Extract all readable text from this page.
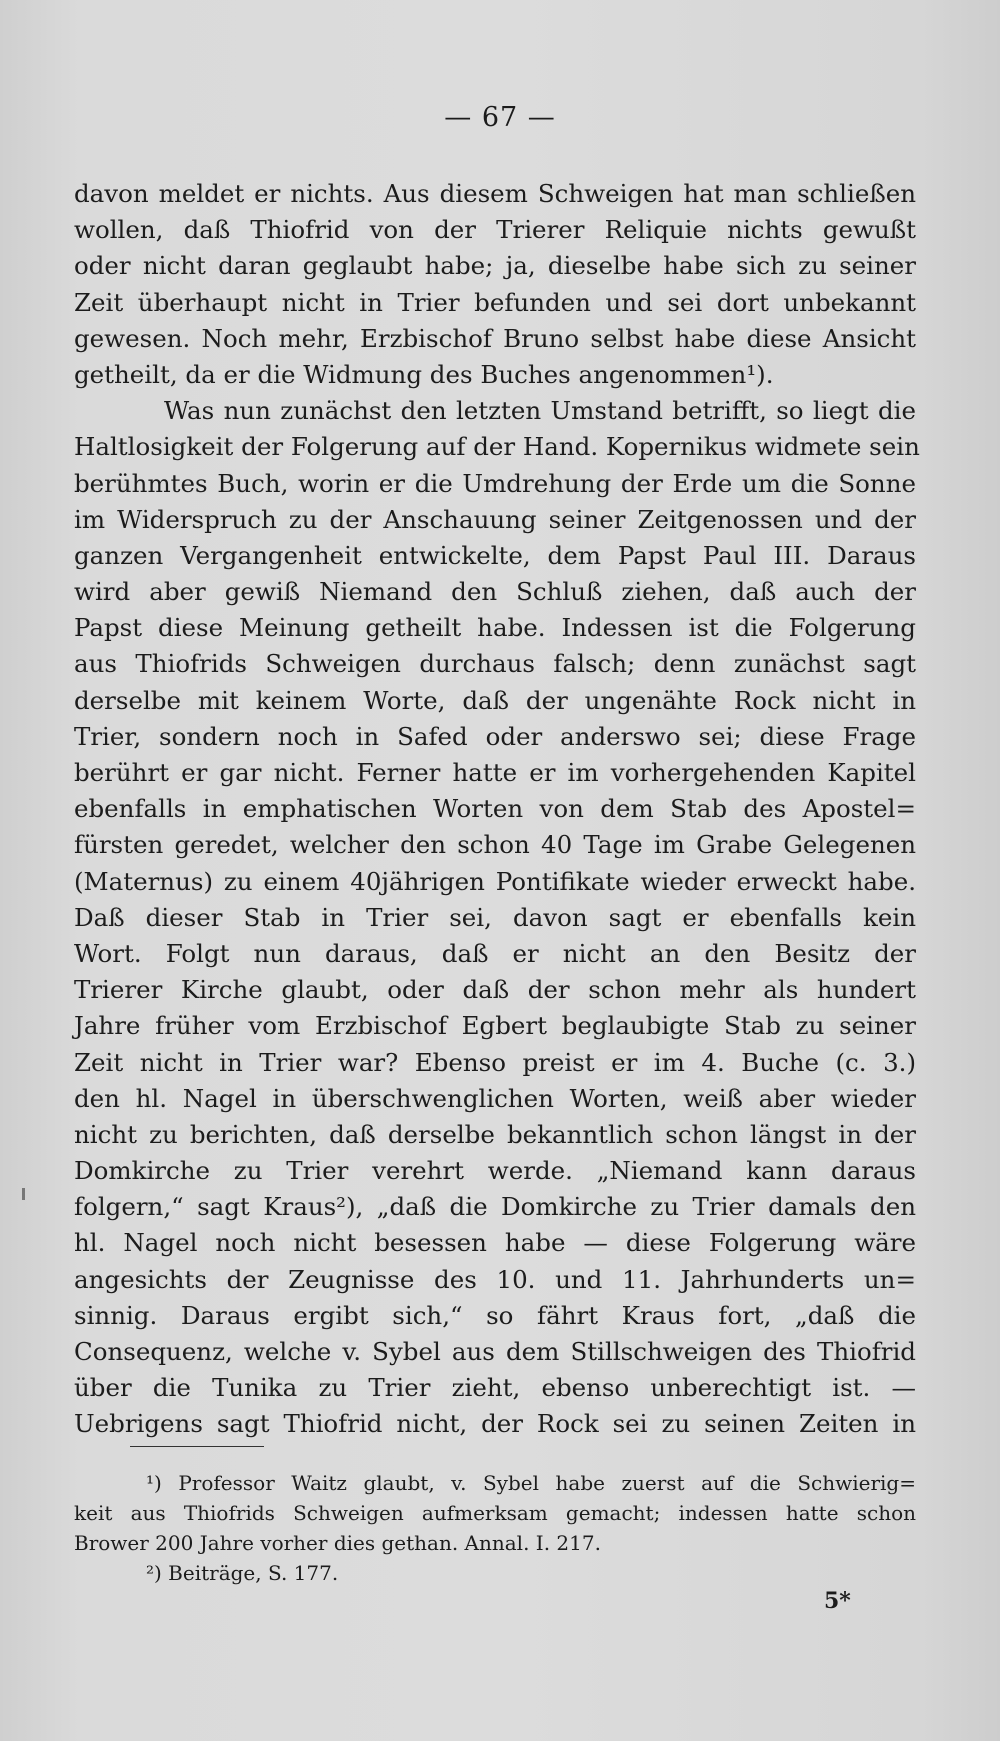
— 67 —
davon meldet er nichts. Aus diesem Schweigen hat man schließen
wollen, daß Thiofrid von der Trierer Reliquie nichts gewußt
oder nicht daran geglaubt habe; ja, dieselbe habe sich zu seiner
Zeit überhaupt nicht in Trier befunden und sei dort unbekannt
gewesen. Noch mehr, Erzbischof Bruno selbst habe diese Ansicht
getheilt, da er die Widmung des Buches angenommen¹).
Was nun zunächst den letzten Umstand betrifft, so liegt die
Haltlosigkeit der Folgerung auf der Hand. Kopernikus widmete sein
berühmtes Buch, worin er die Umdrehung der Erde um die Sonne
im Widerspruch zu der Anschauung seiner Zeitgenossen und der
ganzen Vergangenheit entwickelte, dem Papst Paul III. Daraus
wird aber gewiß Niemand den Schluß ziehen, daß auch der
Papst diese Meinung getheilt habe. Indessen ist die Folgerung
aus Thiofrids Schweigen durchaus falsch; denn zunächst sagt
derselbe mit keinem Worte, daß der ungenähte Rock nicht in
Trier, sondern noch in Safed oder anderswo sei; diese Frage
berührt er gar nicht. Ferner hatte er im vorhergehenden Kapitel
ebenfalls in emphatischen Worten von dem Stab des Apostel=
fürsten geredet, welcher den schon 40 Tage im Grabe Gelegenen
(Maternus) zu einem 40jährigen Pontifikate wieder erweckt habe.
Daß dieser Stab in Trier sei, davon sagt er ebenfalls kein
Wort. Folgt nun daraus, daß er nicht an den Besitz der
Trierer Kirche glaubt, oder daß der schon mehr als hundert
Jahre früher vom Erzbischof Egbert beglaubigte Stab zu seiner
Zeit nicht in Trier war? Ebenso preist er im 4. Buche (c. 3.)
den hl. Nagel in überschwenglichen Worten, weiß aber wieder
nicht zu berichten, daß derselbe bekanntlich schon längst in der
Domkirche zu Trier verehrt werde. „Niemand kann daraus
folgern,“ sagt Kraus²), „daß die Domkirche zu Trier damals den
hl. Nagel noch nicht besessen habe — diese Folgerung wäre
angesichts der Zeugnisse des 10. und 11. Jahrhunderts un=
sinnig. Daraus ergibt sich,“ so fährt Kraus fort, „daß die
Consequenz, welche v. Sybel aus dem Stillschweigen des Thiofrid
über die Tunika zu Trier zieht, ebenso unberechtigt ist. —
Uebrigens sagt Thiofrid nicht, der Rock sei zu seinen Zeiten in
¹) Professor Waitz glaubt, v. Sybel habe zuerst auf die Schwierig=
keit aus Thiofrids Schweigen aufmerksam gemacht; indessen hatte schon
Brower 200 Jahre vorher dies gethan. Annal. I. 217.
²) Beiträge, S. 177.
5*
